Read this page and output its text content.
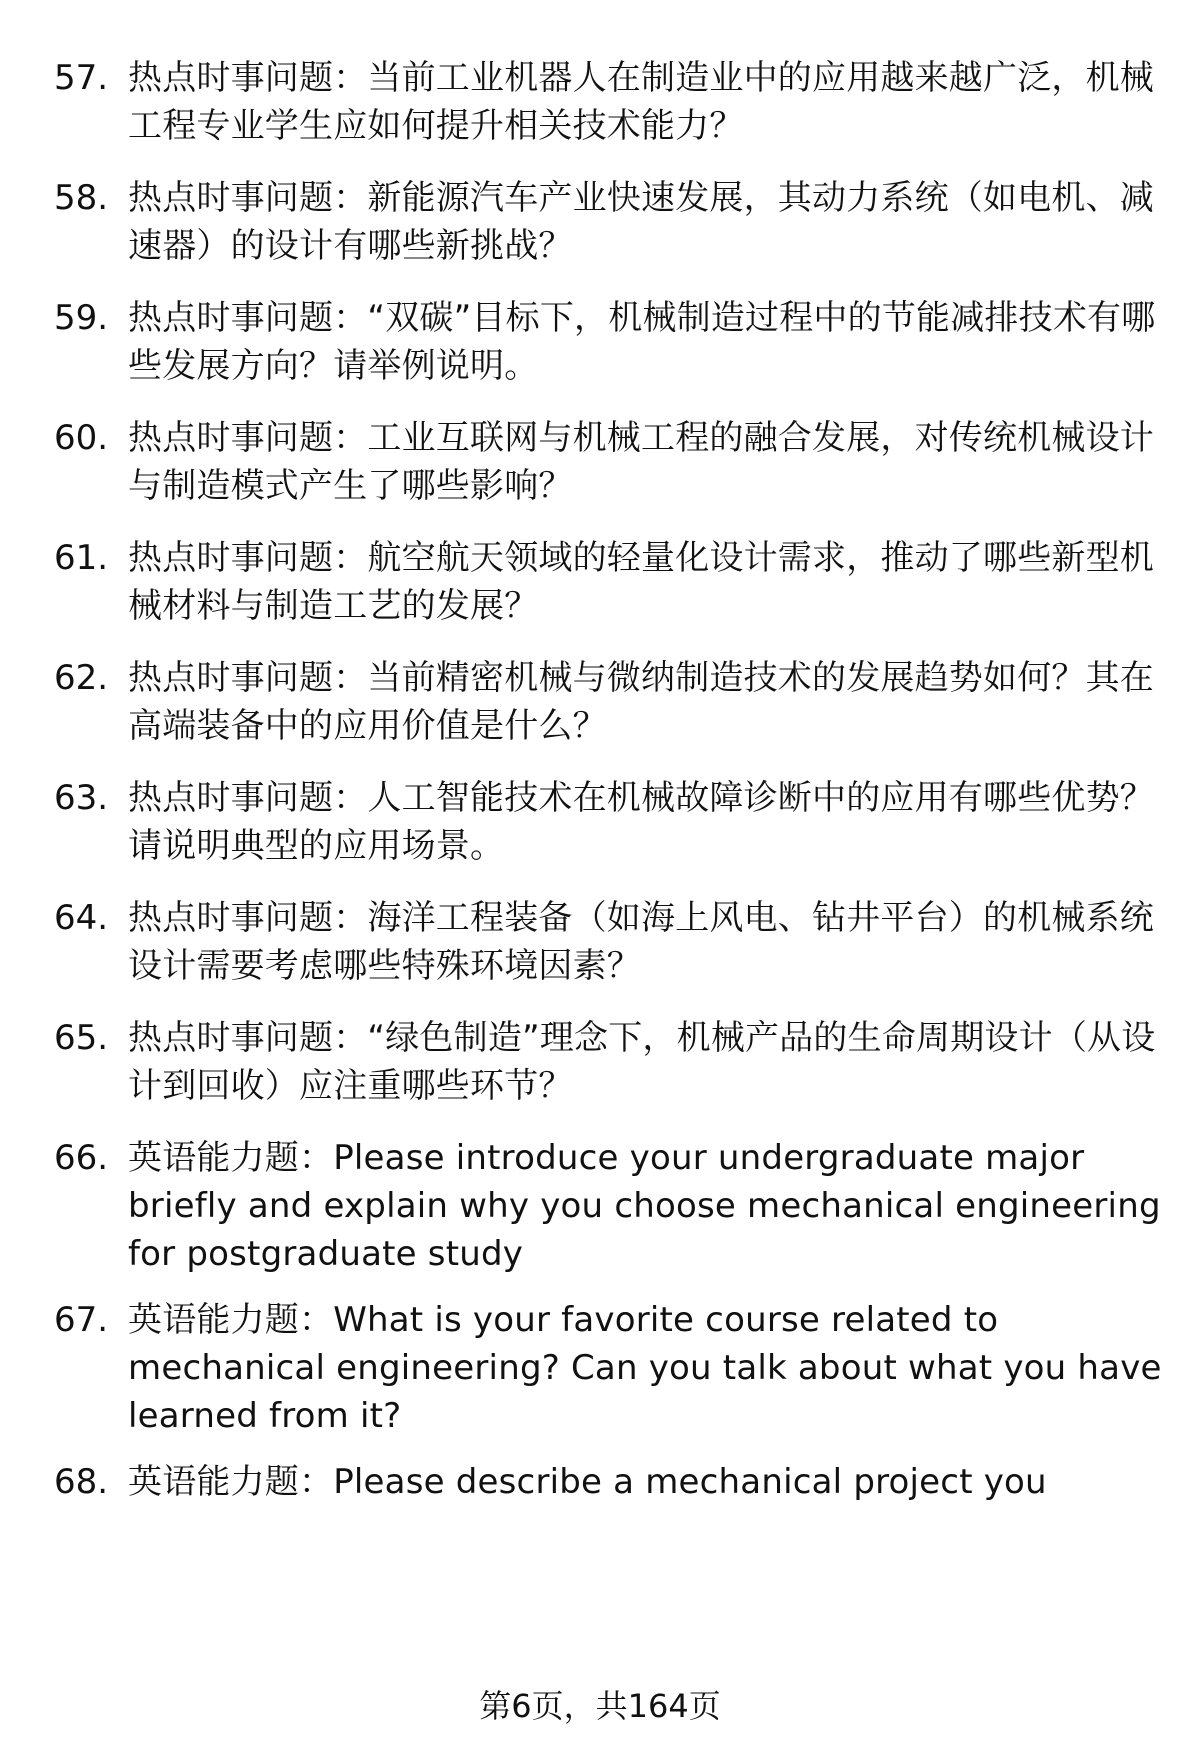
57. 热点时事问题：当前工业机器人在制造业中的应用越来越广泛，机械工程专业学生应如何提升相关技术能力？
58. 热点时事问题：新能源汽车产业快速发展，其动力系统（如电机、减速器）的设计有哪些新挑战？
59. 热点时事问题：“双碳”目标下，机械制造过程中的节能减排技术有哪些发展方向？请举例说明。
60. 热点时事问题：工业互联网与机械工程的融合发展，对传统机械设计与制造模式产生了哪些影响？
61. 热点时事问题：航空航天领域的轻量化设计需求，推动了哪些新型机械材料与制造工艺的发展？
62. 热点时事问题：当前精密机械与微纳制造技术的发展趋势如何？其在高端装备中的应用价值是什么？
63. 热点时事问题：人工智能技术在机械故障诊断中的应用有哪些优势？请说明典型的应用场景。
64. 热点时事问题：海洋工程装备（如海上风电、钻井平台）的机械系统设计需要考虑哪些特殊环境因素？
65. 热点时事问题：“绿色制造”理念下，机械产品的生命周期设计（从设计到回收）应注重哪些环节？
66. 英语能力题：Please introduce your undergraduate major briefly and explain why you choose mechanical engineering for postgraduate study
67. 英语能力题：What is your favorite course related to mechanical engineering? Can you talk about what you have learned from it?
68. 英语能力题：Please describe a mechanical project you
第6页，共164页
